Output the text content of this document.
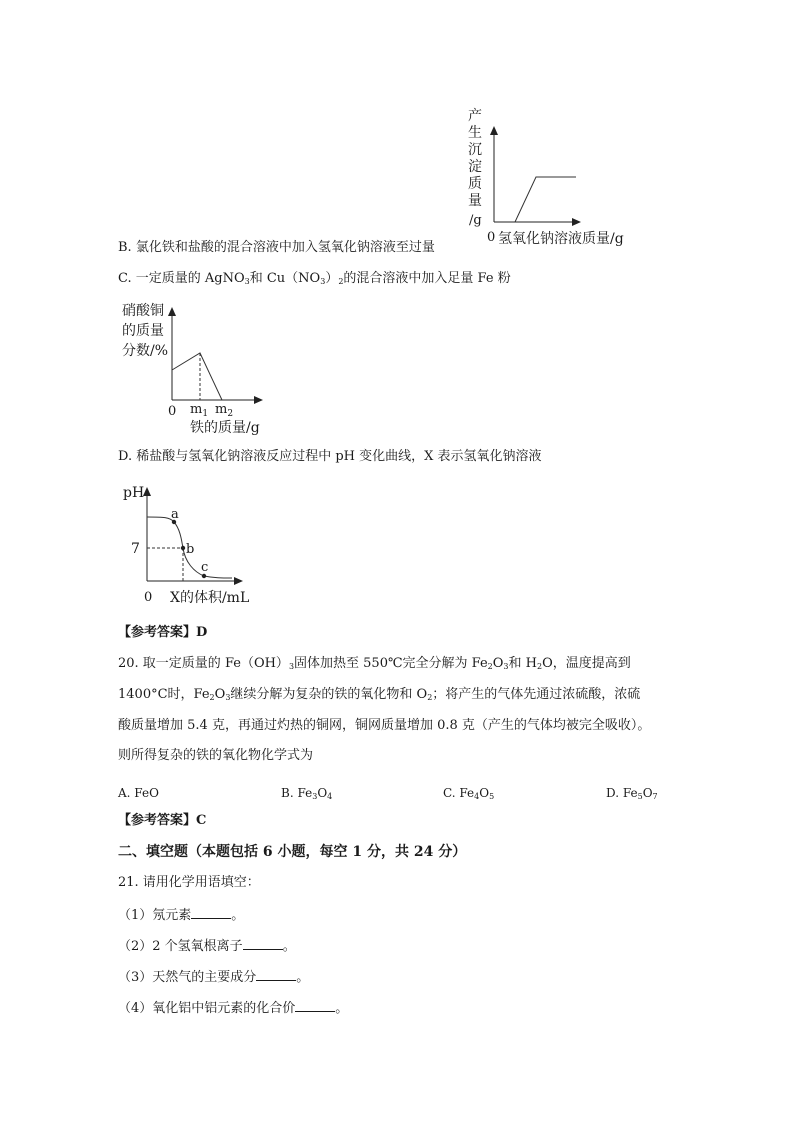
产
生
沉
淀
质
量
/g
0 氢氧化钠溶液质量/g
B. 氯化铁和盐酸的混合溶液中加入氢氧化钠溶液至过量
C. 一定质量的 AgNO$_3$和 $Cu(NO_3)_2$的混合溶液中加入足量 Fe 粉
硝酸铜
的质量
分数/%
0 $m_1$ $m_2$
铁的质量/g
D. 稀盐酸与氢氧化钠溶液反应过程中 pH 变化曲线，X 表示氢氧化钠溶液
pH
a
b
c
7
0 X的体积/mL
【参考答案】D
20. 取一定质量的 $Fe(OH)_3$固体加热至 550℃完全分解为 $Fe_2O_3$和 $H_2O$，温度提高到
1400°C时，$Fe_2O_3$继续分解为复杂的铁的氧化物和 $O_2$；将产生的气体先通过浓硫酸，浓硫
酸质量增加 5.4 克，再通过灼热的铜网，铜网质量增加 0.8 克（产生的气体均被完全吸收）。
则所得复杂的铁的氧化物化学式为
A. FeO	B. $Fe_3O_4$	C. $Fe_4O_5$	D. $Fe_5O_7$
【参考答案】C
二、填空题（本题包括 6 小题，每空 1 分，共 24 分）
21. 请用化学用语填空：
（1）氖元素	。
（2）2 个氢氧根离子	。
（3）天然气的主要成分	。
（4）氧化铝中铝元素的化合价	。
